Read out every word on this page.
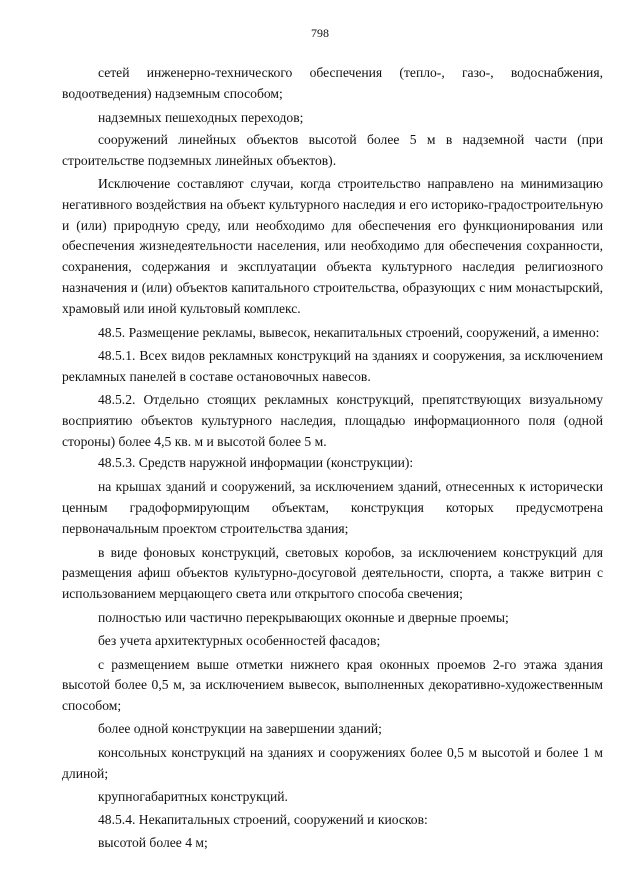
798

сетей инженерно-технического обеспечения (тепло-, газо-, водоснабжения, водоотведения) надземным способом;

надземных пешеходных переходов;

сооружений линейных объектов высотой более 5 м в надземной части (при строительстве подземных линейных объектов).

Исключение составляют случаи, когда строительство направлено на минимизацию негативного воздействия на объект культурного наследия и его историко-градостроительную и (или) природную среду, или необходимо для обеспечения его функционирования или обеспечения жизнедеятельности населения, или необходимо для обеспечения сохранности, сохранения, содержания и эксплуатации объекта культурного наследия религиозного назначения и (или) объектов капитального строительства, образующих с ним монастырский, храмовый или иной культовый комплекс.

48.5. Размещение рекламы, вывесок, некапитальных строений, сооружений, а именно:

48.5.1. Всех видов рекламных конструкций на зданиях и сооружения, за исключением рекламных панелей в составе остановочных навесов.

48.5.2. Отдельно стоящих рекламных конструкций, препятствующих визуальному восприятию объектов культурного наследия, площадью информационного поля (одной стороны) более 4,5 кв. м и высотой более 5 м.

48.5.3. Средств наружной информации (конструкции):

на крышах зданий и сооружений, за исключением зданий, отнесенных к исторически ценным градоформирующим объектам, конструкция которых предусмотрена первоначальным проектом строительства здания;

в виде фоновых конструкций, световых коробов, за исключением конструкций для размещения афиш объектов культурно-досуговой деятельности, спорта, а также витрин с использованием мерцающего света или открытого способа свечения;

полностью или частично перекрывающих оконные и дверные проемы;

без учета архитектурных особенностей фасадов;

с размещением выше отметки нижнего края оконных проемов 2-го этажа здания высотой более 0,5 м, за исключением вывесок, выполненных декоративно-художественным способом;

более одной конструкции на завершении зданий;

консольных конструкций на зданиях и сооружениях более 0,5 м высотой и более 1 м длиной;

крупногабаритных конструкций.

48.5.4. Некапитальных строений, сооружений и киосков:

высотой более 4 м;
